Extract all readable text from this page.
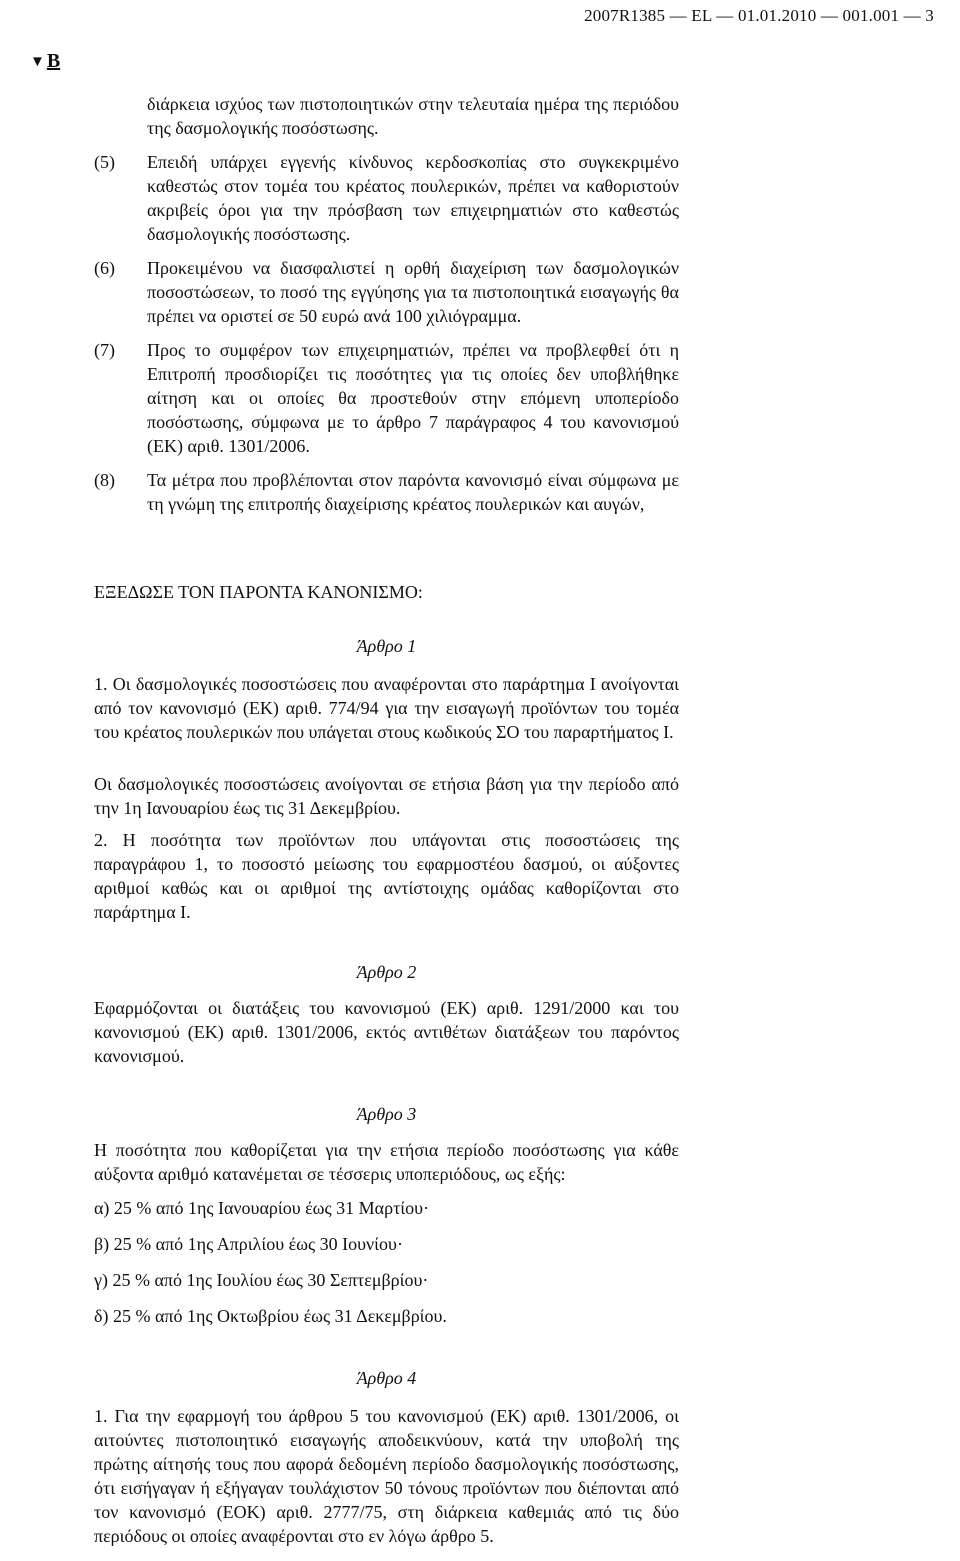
2007R1385 — EL — 01.01.2010 — 001.001 — 3
▼ B
διάρκεια ισχύος των πιστοποιητικών στην τελευταία ημέρα της περιόδου της δασμολογικής ποσόστωσης.
(5) Επειδή υπάρχει εγγενής κίνδυνος κερδοσκοπίας στο συγκεκριμένο καθεστώς στον τομέα του κρέατος πουλερικών, πρέπει να καθοριστούν ακριβείς όροι για την πρόσβαση των επιχειρηματιών στο καθεστώς δασμολογικής ποσόστωσης.
(6) Προκειμένου να διασφαλιστεί η ορθή διαχείριση των δασμολογικών ποσοστώσεων, το ποσό της εγγύησης για τα πιστοποιητικά εισαγωγής θα πρέπει να οριστεί σε 50 ευρώ ανά 100 χιλιόγραμμα.
(7) Προς το συμφέρον των επιχειρηματιών, πρέπει να προβλεφθεί ότι η Επιτροπή προσδιορίζει τις ποσότητες για τις οποίες δεν υποβλήθηκε αίτηση και οι οποίες θα προστεθούν στην επόμενη υποπερίοδο ποσόστωσης, σύμφωνα με το άρθρο 7 παράγραφος 4 του κανονισμού (ΕΚ) αριθ. 1301/2006.
(8) Τα μέτρα που προβλέπονται στον παρόντα κανονισμό είναι σύμφωνα με τη γνώμη της επιτροπής διαχείρισης κρέατος πουλερικών και αυγών,
ΕΞΕΔΩΣΕ ΤΟΝ ΠΑΡΟΝΤΑ ΚΑΝΟΝΙΣΜΟ:
Άρθρο 1
1. Οι δασμολογικές ποσοστώσεις που αναφέρονται στο παράρτημα I ανοίγονται από τον κανονισμό (ΕΚ) αριθ. 774/94 για την εισαγωγή προϊόντων του τομέα του κρέατος πουλερικών που υπάγεται στους κωδικούς ΣΟ του παραρτήματος I.
Οι δασμολογικές ποσοστώσεις ανοίγονται σε ετήσια βάση για την περίοδο από την 1η Ιανουαρίου έως τις 31 Δεκεμβρίου.
2. Η ποσότητα των προϊόντων που υπάγονται στις ποσοστώσεις της παραγράφου 1, το ποσοστό μείωσης του εφαρμοστέου δασμού, οι αύξοντες αριθμοί καθώς και οι αριθμοί της αντίστοιχης ομάδας καθορίζονται στο παράρτημα I.
Άρθρο 2
Εφαρμόζονται οι διατάξεις του κανονισμού (ΕΚ) αριθ. 1291/2000 και του κανονισμού (ΕΚ) αριθ. 1301/2006, εκτός αντιθέτων διατάξεων του παρόντος κανονισμού.
Άρθρο 3
Η ποσότητα που καθορίζεται για την ετήσια περίοδο ποσόστωσης για κάθε αύξοντα αριθμό κατανέμεται σε τέσσερις υποπεριόδους, ως εξής:
α) 25 % από 1ης Ιανουαρίου έως 31 Μαρτίου·
β) 25 % από 1ης Απριλίου έως 30 Ιουνίου·
γ) 25 % από 1ης Ιουλίου έως 30 Σεπτεμβρίου·
δ) 25 % από 1ης Οκτωβρίου έως 31 Δεκεμβρίου.
Άρθρο 4
1. Για την εφαρμογή του άρθρου 5 του κανονισμού (ΕΚ) αριθ. 1301/2006, οι αιτούντες πιστοποιητικό εισαγωγής αποδεικνύουν, κατά την υποβολή της πρώτης αίτησής τους που αφορά δεδομένη περίοδο δασμολογικής ποσόστωσης, ότι εισήγαγαν ή εξήγαγαν τουλάχιστον 50 τόνους προϊόντων που διέπονται από τον κανονισμό (ΕΟΚ) αριθ. 2777/75, στη διάρκεια καθεμιάς από τις δύο περιόδους οι οποίες αναφέρονται στο εν λόγω άρθρο 5.
